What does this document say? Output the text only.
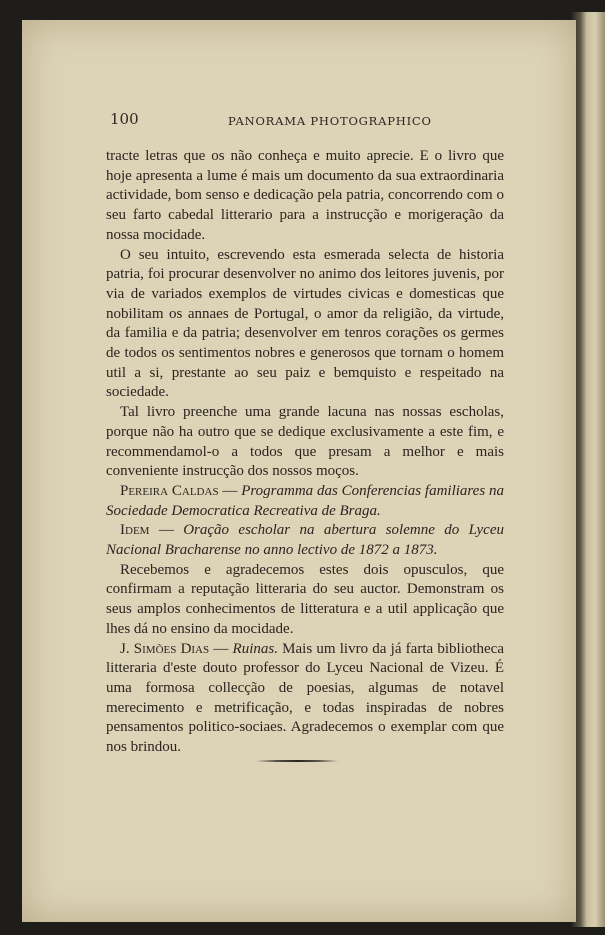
100	PANORAMA PHOTOGRAPHICO

tracte letras que os não conheça e muito aprecie. E o livro que hoje apresenta a lume é mais um documento da sua extraordinaria actividade, bom senso e dedicação pela patria, concorrendo com o seu farto cabedal litterario para a instrucção e morigeração da nossa mocidade.

O seu intuito, escrevendo esta esmerada selecta de historia patria, foi procurar desenvolver no animo dos leitores juvenis, por via de variados exemplos de virtudes civicas e domesticas que nobilitam os annaes de Portugal, o amor da religião, da virtude, da familia e da patria; desenvolver em tenros corações os germes de todos os sentimentos nobres e generosos que tornam o homem util a si, prestante ao seu paiz e bemquisto e respeitado na sociedade.

Tal livro preenche uma grande lacuna nas nossas escholas, porque não ha outro que se dedique exclusivamente a este fim, e recommendamol-o a todos que presam a melhor e mais conveniente instrucção dos nossos moços.

Pereira Caldas — Programma das Conferencias familiares na Sociedade Democratica Recreativa de Braga.

Idem — Oração escholar na abertura solemne do Lyceu Nacional Bracharense no anno lectivo de 1872 a 1873.

Recebemos e agradecemos estes dois opusculos, que confirmam a reputação litteraria do seu auctor. Demonstram os seus amplos conhecimentos de litteratura e a util applicação que lhes dá no ensino da mocidade.

J. Simões Dias — Ruinas. Mais um livro da já farta bibliotheca litteraria d'este douto professor do Lyceu Nacional de Vizeu. É uma formosa collecção de poesias, algumas de notavel merecimento e metrificação, e todas inspiradas de nobres pensamentos politico-sociaes. Agradecemos o exemplar com que nos brindou.
